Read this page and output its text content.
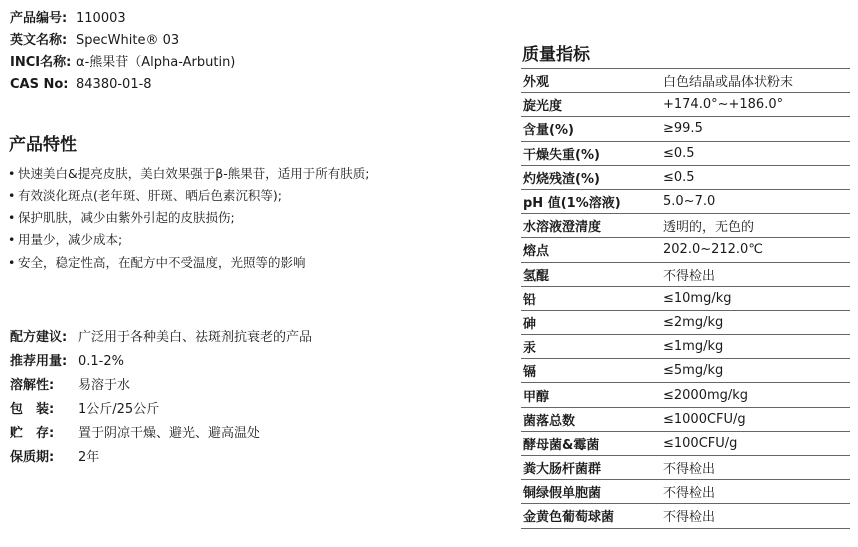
产品编号: 110003
英文名称: SpecWhite® 03
INCI名称: α-熊果苷（Alpha-Arbutin)
CAS No: 84380-01-8
产品特性
• 快速美白&提亮皮肤，美白效果强于β-熊果苷，适用于所有肤质;
• 有效淡化斑点(老年斑、肝斑、晒后色素沉积等);
• 保护肌肤，减少由紫外引起的皮肤损伤;
• 用量少，减少成本;
• 安全，稳定性高，在配方中不受温度，光照等的影响
配方建议: 广泛用于各种美白、祛斑剂抗衰老的产品
推荐用量: 0.1-2%
溶解性: 易溶于水
包　装: 1公斤/25公斤
贮　存: 置于阴凉干燥、避光、避高温处
保质期: 2年
质量指标
外观	白色结晶或晶体状粉末
旋光度	+174.0°~+186.0°
含量(%)	≥99.5
干燥失重(%)	≤0.5
灼烧残渣(%)	≤0.5
pH 值(1%溶液)	5.0~7.0
水溶液澄清度	透明的，无色的
熔点	202.0~212.0℃
氢醌	不得检出
铅	≤10mg/kg
砷	≤2mg/kg
汞	≤1mg/kg
镉	≤5mg/kg
甲醇	≤2000mg/kg
菌落总数	≤1000CFU/g
酵母菌&霉菌	≤100CFU/g
粪大肠杆菌群	不得检出
铜绿假单胞菌	不得检出
金黄色葡萄球菌	不得检出
